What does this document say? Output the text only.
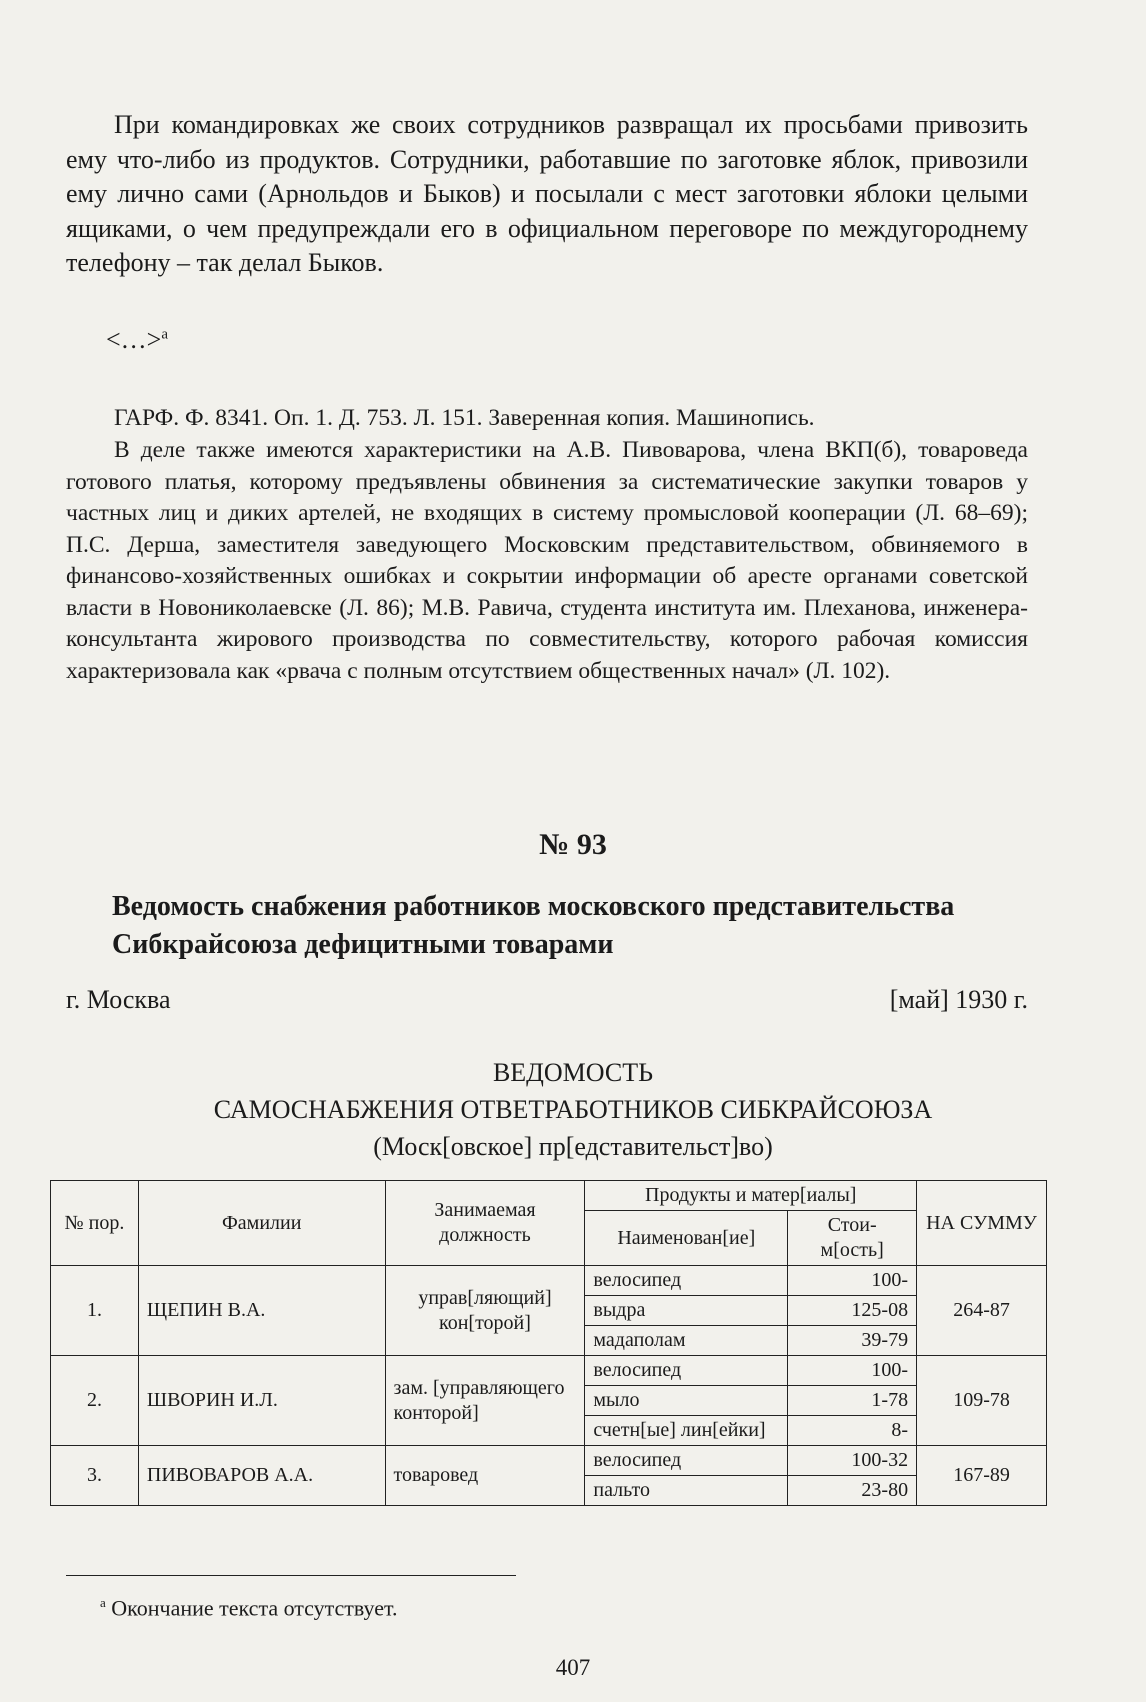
При командировках же своих сотрудников развращал их просьбами привозить ему что-либо из продуктов. Сотрудники, работавшие по заготовке яблок, привозили ему лично сами (Арнольдов и Быков) и посылали с мест заготовки яблоки целыми ящиками, о чем предупреждали его в официальном переговоре по междугороднему телефону – так делал Быков.

<…>$^а$

ГАРФ. Ф. 8341. Оп. 1. Д. 753. Л. 151. Заверенная копия. Машинопись.

В деле также имеются характеристики на А.В. Пивоварова, члена ВКП(б), товароведа готового платья, которому предъявлены обвинения за систематические закупки товаров у частных лиц и диких артелей, не входящих в систему промысловой кооперации (Л. 68–69); П.С. Дерша, заместителя заведующего Московским представительством, обвиняемого в финансово-хозяйственных ошибках и сокрытии информации об аресте органами советской власти в Новониколаевске (Л. 86); М.В. Равича, студента института им. Плеханова, инженера-консультанта жирового производства по совместительству, которого рабочая комиссия характеризовала как «рвача с полным отсутствием общественных начал» (Л. 102).

№ 93

Ведомость снабжения работников московского представительства Сибкрайсоюза дефицитными товарами

г. Москва	[май] 1930 г.
ВЕДОМОСТЬ
САМОСНАБЖЕНИЯ ОТВЕТРАБОТНИКОВ СИБКРАЙСОЮЗА
(Моск[овское] пр[едставительст]во)
№ пор.	Фамилии	Занимаемая должность	Продукты и матер[иалы]		НА СУММУ
			Наименован[ие]	Стои-м[ость]	
1.	ЩЕПИН В.А.	управ[ляющий] кон[торой]	велосипед	100-	264-87
			выдра	125-08	
			мадаполам	39-79	
2.	ШВОРИН И.Л.	зам. [управляющего конторой]	велосипед	100-	109-78
			мыло	1-78	
			счетн[ые] лин[ейки]	8-	
3.	ПИВОВАРОВ А.А.	товаровед	велосипед	100-32	167-89
			пальто	23-80	
$^а$ Окончание текста отсутствует.
407
